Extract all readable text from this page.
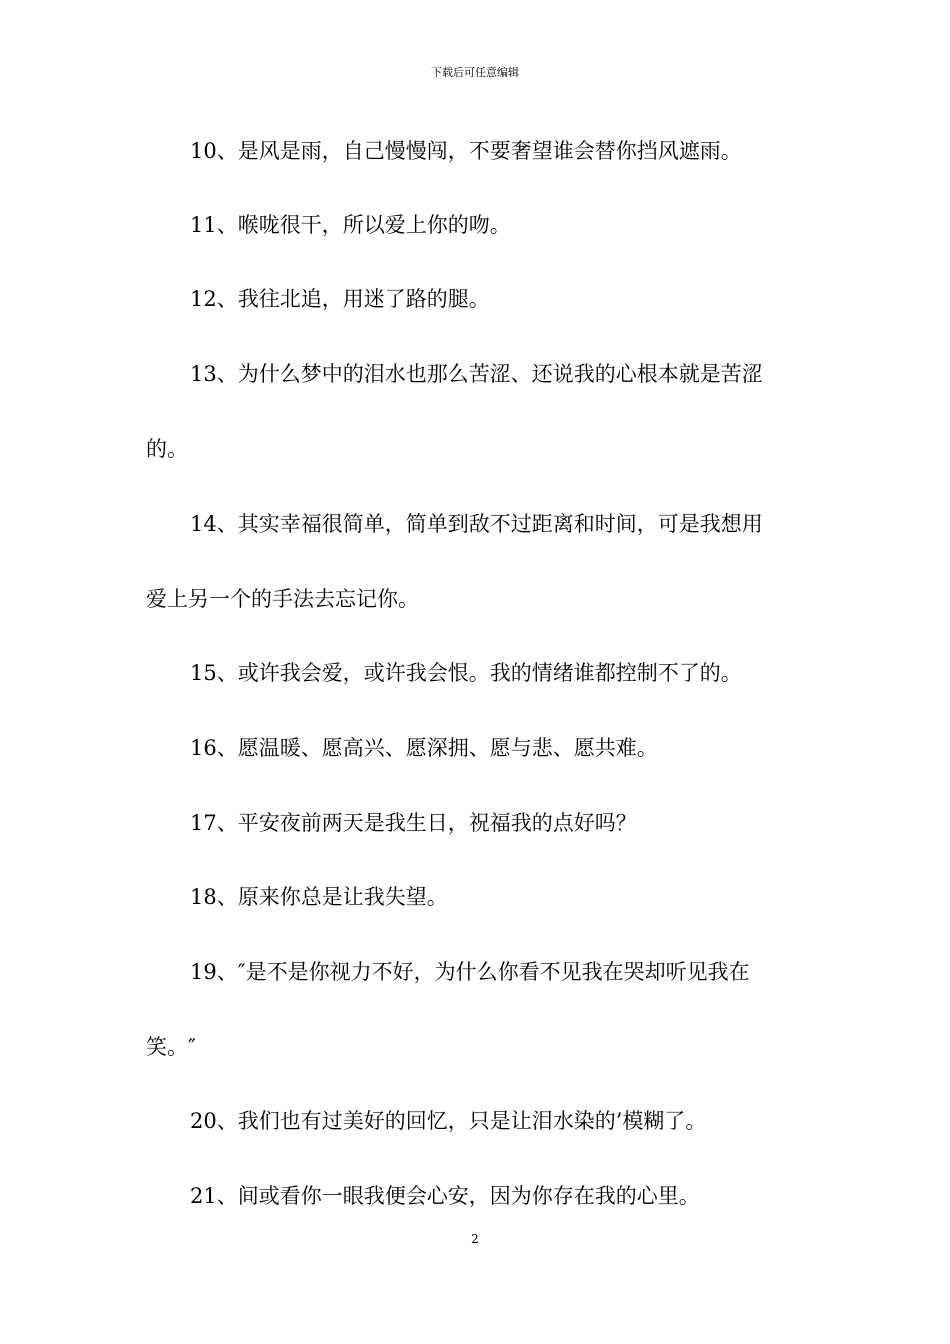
下载后可任意编辑
10、是风是雨，自己慢慢闯，不要奢望谁会替你挡风遮雨。
11、喉咙很干，所以爱上你的吻。
12、我往北追，用迷了路的腿。
13、为什么梦中的泪水也那么苦涩、还说我的心根本就是苦涩
的。
14、其实幸福很简单，简单到敌不过距离和时间，可是我想用
爱上另一个的手法去忘记你。
15、或许我会爱，或许我会恨。我的情绪谁都控制不了的。
16、愿温暖、愿高兴、愿深拥、愿与悲、愿共难。
17、平安夜前两天是我生日，祝福我的点好吗？
18、原来你总是让我失望。
19、″是不是你视力不好，为什么你看不见我在哭却听见我在
笑。″
20、我们也有过美好的回忆，只是让泪水染的’模糊了。
21、间或看你一眼我便会心安，因为你存在我的心里。
2
